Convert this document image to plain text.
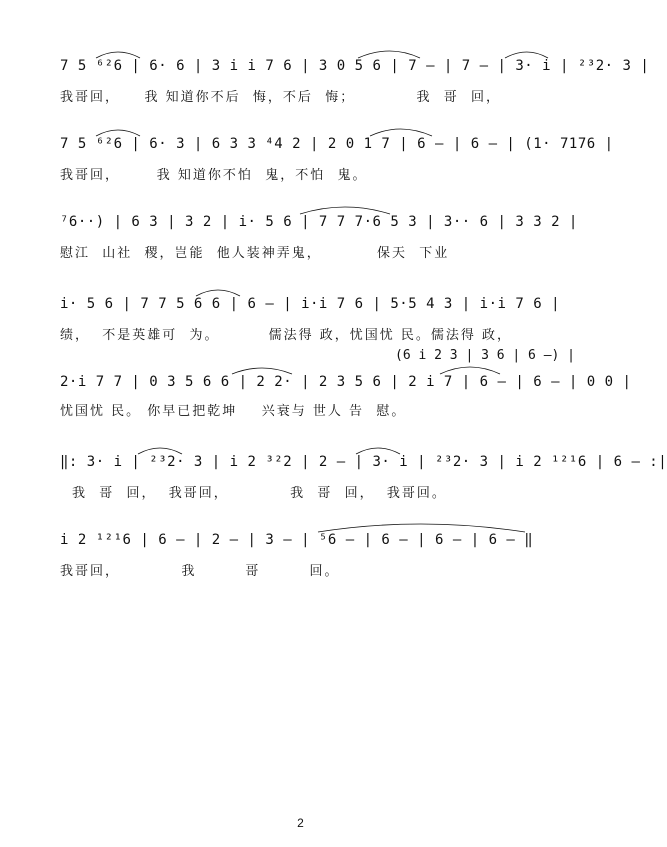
7 5 ⁶²6 | 6· 6 | 3 i i 7 6 | 3 0 5 6 | 7 – | 7 – | 3· i | ²³2· 3 |
我哥回，    我 知道你不后  悔，不后  悔；          我  哥  回，
7 5 ⁶²6 | 6· 3 | 6 3 3 ⁴4 2 | 2 0 1 7 | 6 – | 6 – | (1· 7176 |
我哥回，      我 知道你不怕  鬼，不怕  鬼。
⁷6··) | 6 3 | 3 2 | i· 5 6 | 7 7 7·6 5 3 | 3·· 6 | 3 3 2 |
慰江  山社  稷，岂能  他人装神弄鬼，         保天  下业
i· 5 6 | 7 7 5 6 6 | 6 – | i·i 7 6 | 5·5 4 3 | i·i 7 6 |
绩，  不是英雄可  为。        儒法得 政，忧国忧 民。儒法得 政，
(6 i 2 3 | 3 6 | 6 –) |
2·i 7 7 | 0 3 5 6 6 | 2 2· | 2 3 5 6 | 2 i 7 | 6 – | 6 – | 0 0 |
忧国忧 民。 你早已把乾坤    兴衰与 世人 告  慰。
‖: 3· i | ²³2· 3 | i 2 ³²2 | 2 – | 3· i | ²³2· 3 | i 2 ¹²¹6 | 6 – :|
我  哥  回，  我哥回，          我  哥  回，  我哥回。
i 2 ¹²¹6 | 6 – | 2 – | 3 – | ⁵6 – | 6 – | 6 – | 6 – ‖
我哥回，          我        哥        回。
2
